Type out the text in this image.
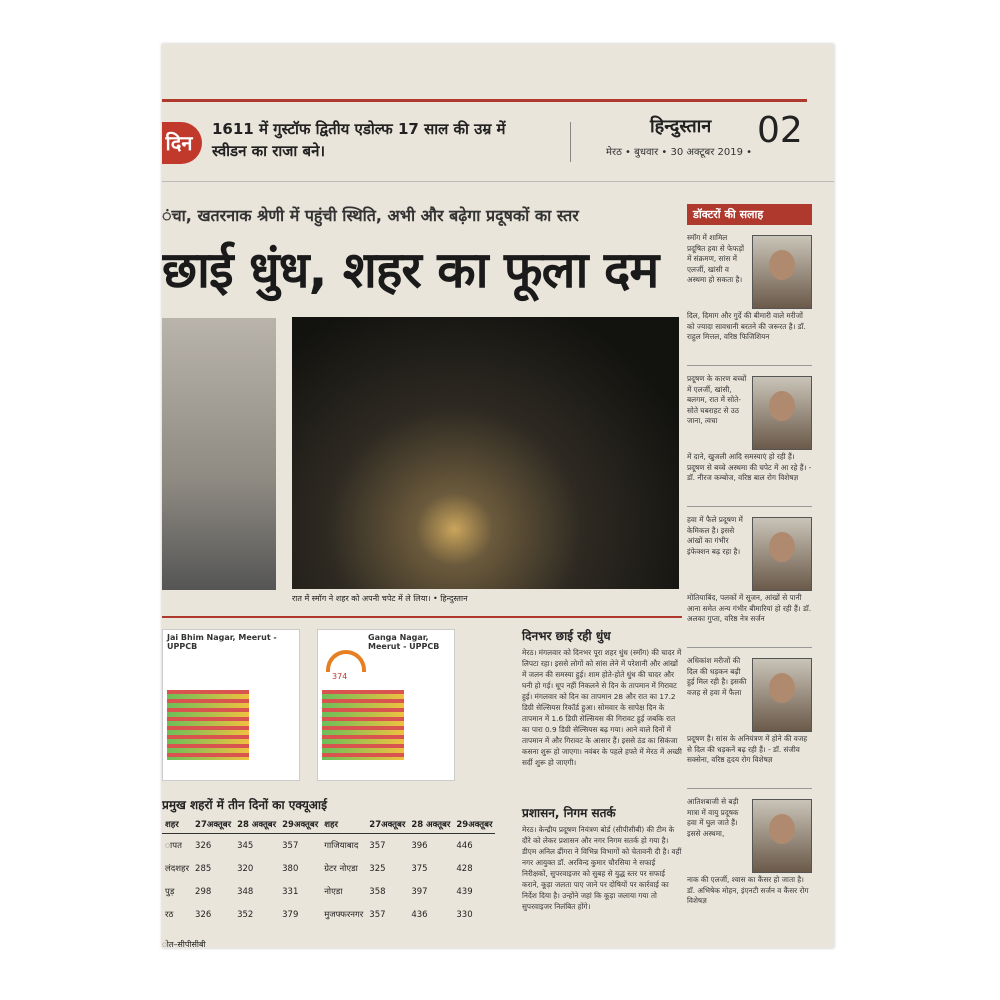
दिन
1611 में गुस्टॉफ द्वितीय एडोल्फ 17 साल की उम्र में स्वीडन का राजा बने।
हिन्दुस्तान 02
मेरठ • बुधवार • 30 अक्टूबर 2019 •
ंचा, खतरनाक श्रेणी में पहुंची स्थिति, अभी और बढ़ेगा प्रदूषकों का स्तर
छाई धुंध, शहर का फूला दम
रात में स्मॉग ने शहर को अपनी चपेट में ले लिया। • हिन्दुस्तान
Jai Bhim Nagar, Meerut - UPPCB
Ganga Nagar, Meerut - UPPCB
374
दिनभर छाई रही धुंध
मेरठ। मंगलवार को दिनभर पूरा शहर धुंध (स्मॉग) की चादर में लिपटा रहा। इससे लोगों को सांस लेने में परेशानी और आंखों में जलन की समस्या हुई। शाम होते-होते धुंध की चादर और घनी हो गई। धूप नहीं निकलने से दिन के तापमान में गिरावट हुई। मंगलवार को दिन का तापमान 28 और रात का 17.2 डिग्री सेल्सियस रिकॉर्ड हुआ। सोमवार के सापेक्ष दिन के तापमान में 1.6 डिग्री सेल्सियस की गिरावट हुई जबकि रात का पारा 0.9 डिग्री सेल्सियस बढ़ गया। आने वाले दिनों में तापमान में और गिरावट के आसार हैं। इससे ठंड का सिकंजा कसना शुरू हो जाएगा। नवंबर के पहले हफ्ते में मेरठ में अच्छी सर्दी शुरू हो जाएगी।
प्रशासन, निगम सतर्क
मेरठ। केन्द्रीय प्रदूषण नियंत्रण बोर्ड (सीपीसीबी) की टीम के दौरे को लेकर प्रशासन और नगर निगम सतर्क हो गया है। डीएम अनिल ढींगरा ने विभिन्न विभागों को चेतावनी दी है। वहीं नगर आयुक्त डॉ. अरविन्द कुमार चौरसिया ने सफाई निरीक्षकों, सुपरवाइजर को सुबह से युद्ध स्तर पर सफाई कराने, कूड़ा जलता पाए जाने पर दोषियों पर कार्रवाई का निर्देश दिया है। उन्होंने जहां कि कूड़ा जलाया गया तो सुपरवाइजर निलंबित होंगे।
प्रमुख शहरों में तीन दिनों का एक्यूआई
शहर	27अक्तूबर	28 अक्तूबर	29अक्तूबर	शहर	27अक्तूबर	28 अक्तूबर	29अक्तूबर
ापत	326	345	357	गाजियाबाद	357	396	446
लंदशहर	285	320	380	ग्रेटर नोएडा	325	375	428
पुड़	298	348	331	नोएडा	358	397	439
रठ	326	352	379	मुजफ्फरनगर	357	436	330
ोत–सीपीसीबी
डॉक्टरों की सलाह
स्मॉग में शामिल प्रदूषित हवा से फेफड़ों में संक्रमण, सांस में एलर्जी, खांसी व अस्थमा हो सकता है।
दिल, दिमाग और गुर्दे की बीमारी वाले मरीजों को ज्यादा सावधानी बरतने की जरूरत है। डॉ. राहुल मित्तल, वरिष्ठ फिजिशियन
प्रदूषण के कारण बच्चों में एलर्जी, खांसी, बलगम, रात में सोते-सोते घबराहट से उठ जाना, त्वचा
में दाने, खुजली आदि समस्याएं हो रही हैं। प्रदूषण से बच्चे अस्थमा की चपेट में आ रहे हैं। - डॉ. नीरज कम्बोज, वरिष्ठ बाल रोग विशेषज्ञ
हवा में फैले प्रदूषण में केमिकल है। इससे आंखों का गंभीर इंफेक्शन बढ़ रहा है।
मोतियाबिंद, पलकों में सूजन, आंखों से पानी आना समेत अन्य गंभीर बीमारियां हो रही हैं। डॉ. अलका गुप्ता, वरिष्ठ नेत्र सर्जन
अधिकांश मरीजों की दिल की धड़कन बढ़ी हुई मिल रही है। इसकी वजह से हवा में फैला
प्रदूषण है। सांस के अनियंत्रण में होने की वजह से दिल की धड़कनें बढ़ रही हैं। - डॉ. संजीव सक्सेना, वरिष्ठ हृदय रोग विशेषज्ञ
आतिशबाजी से बड़ी मात्रा में वायु प्रदूषक हवा में घुल जाते हैं। इससे अस्थमा,
नाक की एलर्जी, श्वास का कैंसर हो जाता है। डॉ. अभिषेक मोहन, इंएनटी सर्जन व कैंसर रोग विशेषज्ञ
